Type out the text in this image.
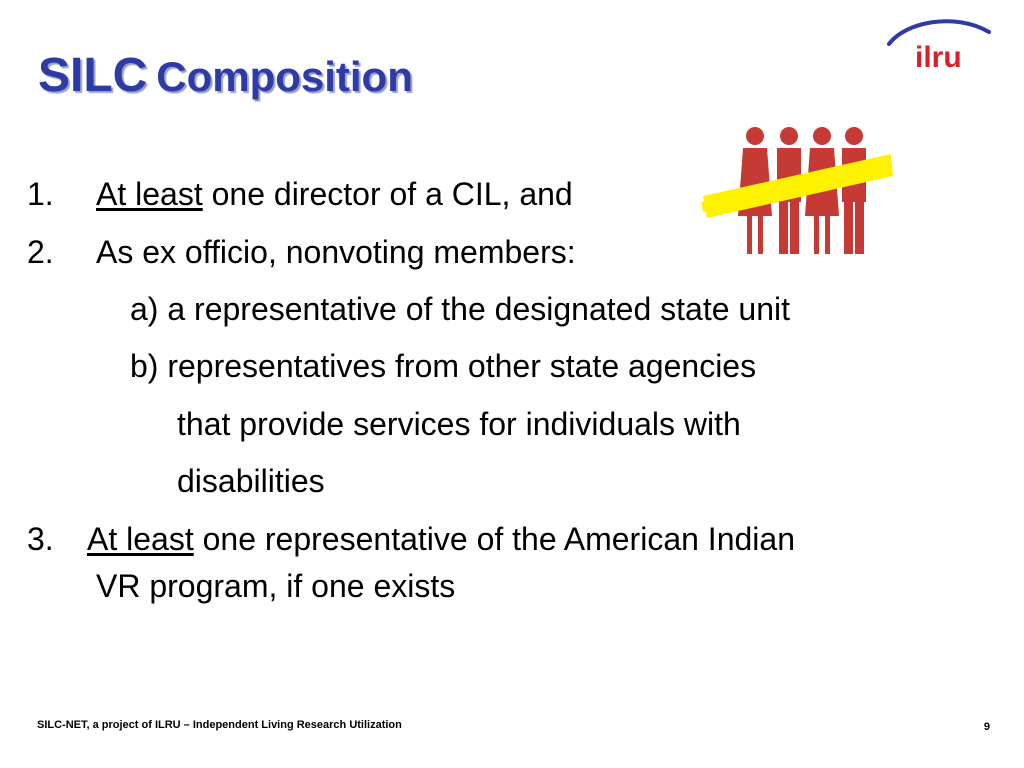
SILC Composition	ilru

1. At least one director of a CIL, and

2. As ex officio, nonvoting members:

a) a representative of the designated state unit

b) representatives from other state agencies

that provide services for individuals with

disabilities

3. At least one representative of the American Indian

VR program, if one exists

SILC-NET, a project of ILRU – Independent Living Research Utilization	9
